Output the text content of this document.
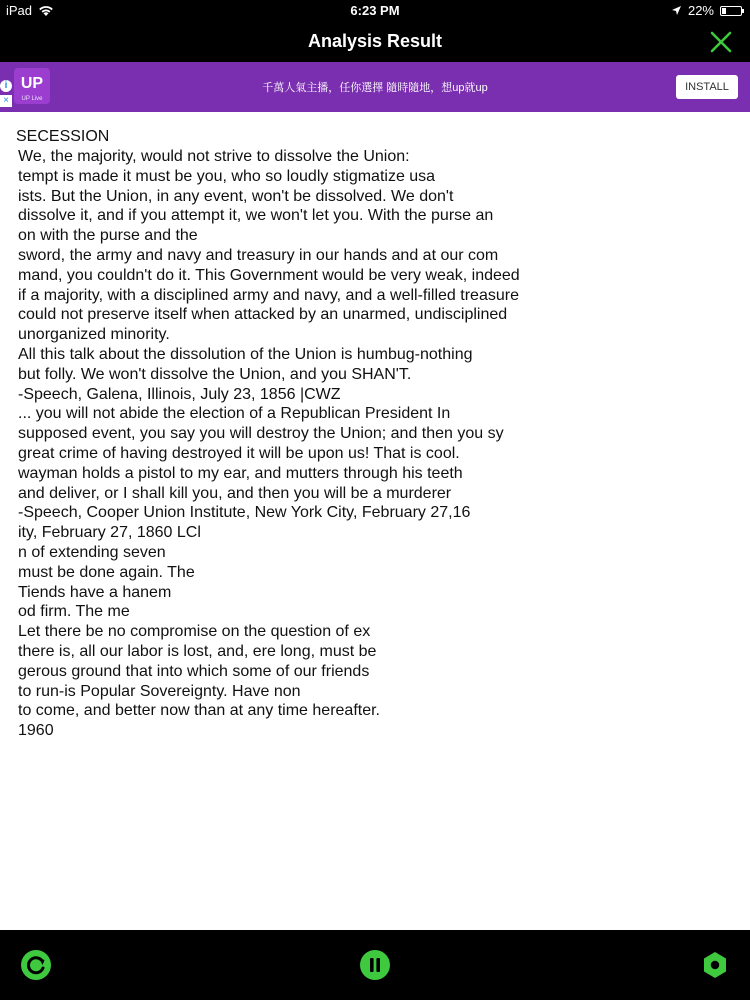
iPad	6:23 PM	22%
Analysis Result
i
×
UP
UP Live
千萬人氣主播，任你選擇 隨時隨地，想up就up	INSTALL
SECESSION
We, the majority, would not strive to dissolve the Union:
tempt is made it must be you, who so loudly stigmatize usa
ists. But the Union, in any event, won't be dissolved. We don't
dissolve it, and if you attempt it, we won't let you. With the purse an
on with the purse and the
sword, the army and navy and treasury in our hands and at our com
mand, you couldn't do it. This Government would be very weak, indeed
if a majority, with a disciplined army and navy, and a well-filled treasure
could not preserve itself when attacked by an unarmed, undisciplined
unorganized minority.
All this talk about the dissolution of the Union is humbug-nothing
but folly. We won't dissolve the Union, and you SHAN'T.
-Speech, Galena, Illinois, July 23, 1856 |CWZ
... you will not abide the election of a Republican President In
supposed event, you say you will destroy the Union; and then you sy
great crime of having destroyed it will be upon us! That is cool.
wayman holds a pistol to my ear, and mutters through his teeth
and deliver, or I shall kill you, and then you will be a murderer
-Speech, Cooper Union Institute, New York City, February 27,16
ity, February 27, 1860 LCl
n of extending seven
must be done again. The
Tiends have a hanem
od firm. The me
Let there be no compromise on the question of ex
there is, all our labor is lost, and, ere long, must be
gerous ground that into which some of our friends
to run-is Popular Sovereignty. Have non
to come, and better now than at any time hereafter.
1960
